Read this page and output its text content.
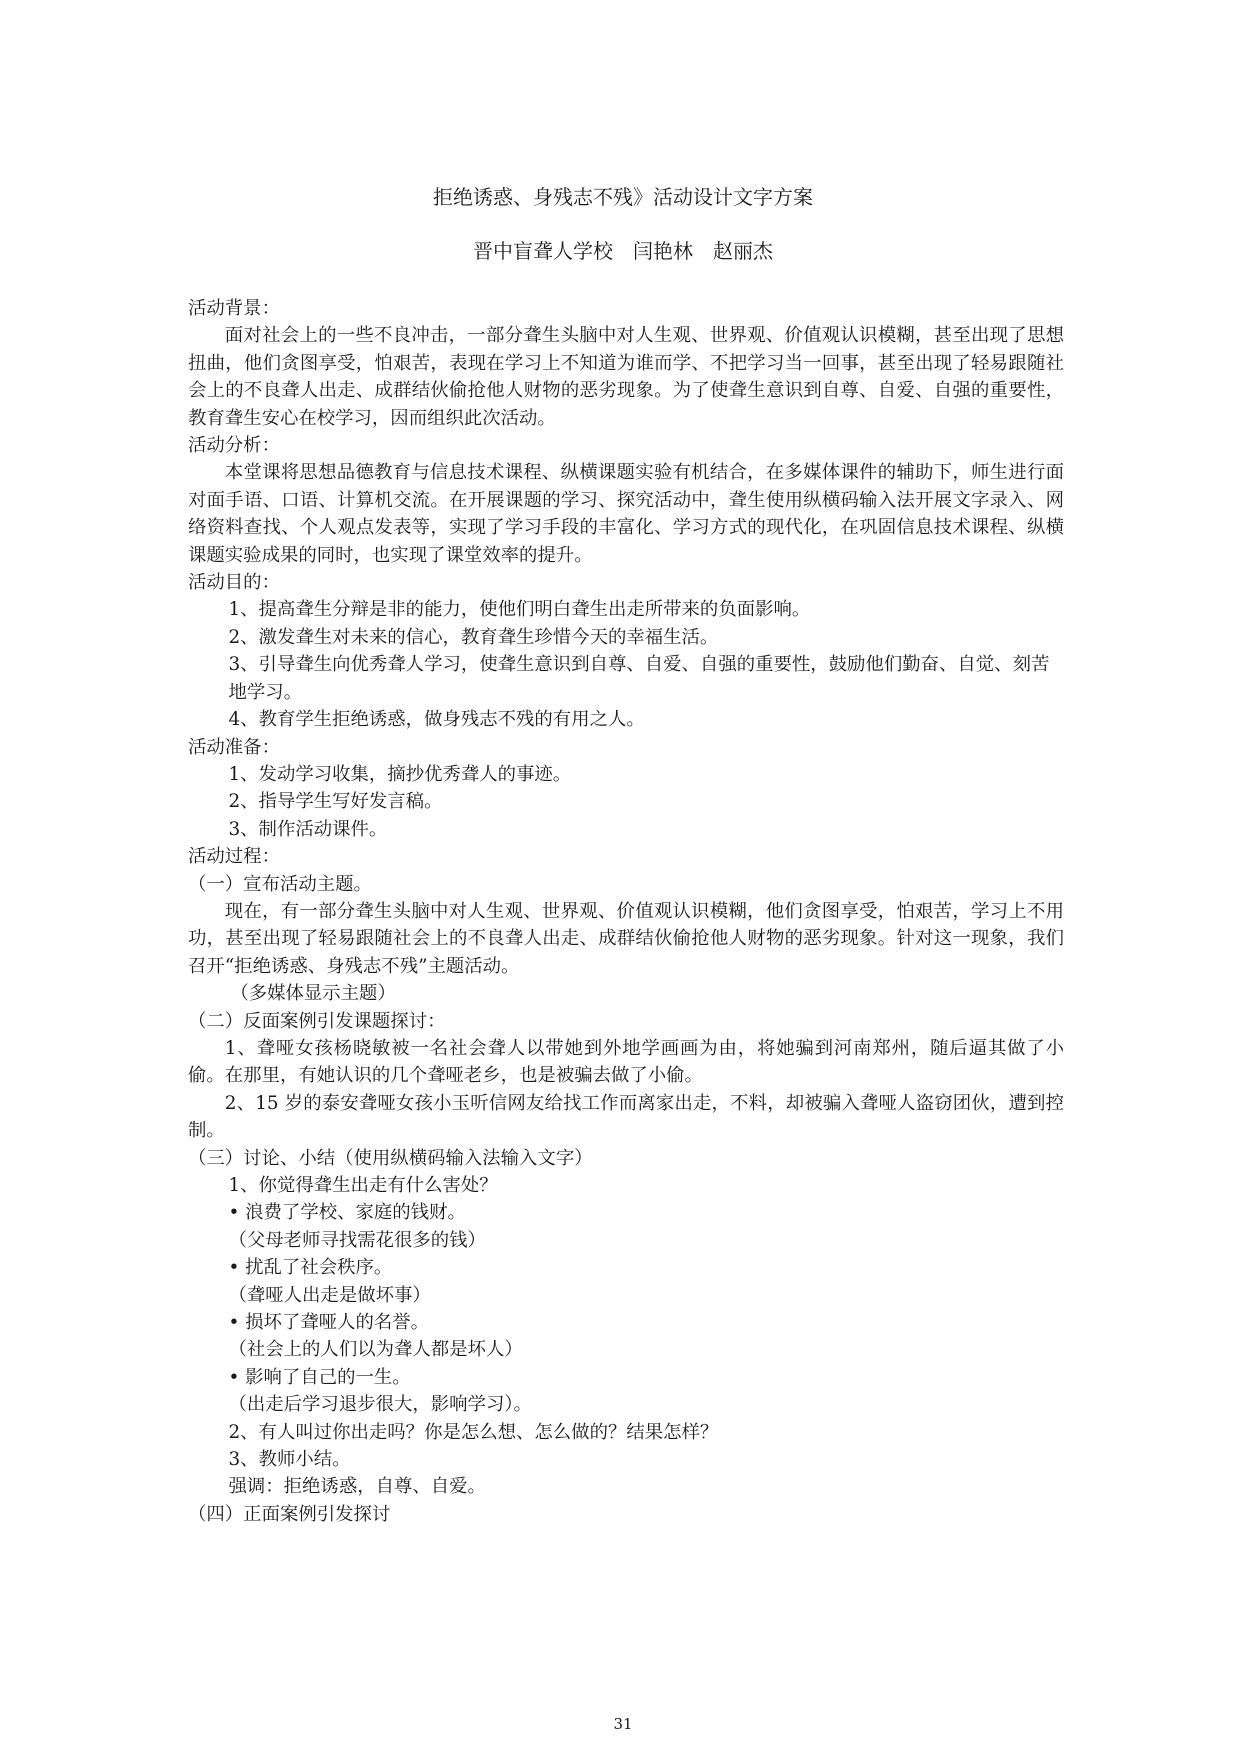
拒绝诱惑、身残志不残》活动设计文字方案
晋中盲聋人学校　闫艳林　赵丽杰

活动背景：

面对社会上的一些不良冲击，一部分聋生头脑中对人生观、世界观、价值观认识模糊，甚至出现了思想扭曲，他们贪图享受，怕艰苦，表现在学习上不知道为谁而学、不把学习当一回事，甚至出现了轻易跟随社会上的不良聋人出走、成群结伙偷抢他人财物的恶劣现象。为了使聋生意识到自尊、自爱、自强的重要性，教育聋生安心在校学习，因而组织此次活动。

活动分析：

本堂课将思想品德教育与信息技术课程、纵横课题实验有机结合，在多媒体课件的辅助下，师生进行面对面手语、口语、计算机交流。在开展课题的学习、探究活动中，聋生使用纵横码输入法开展文字录入、网络资料查找、个人观点发表等，实现了学习手段的丰富化、学习方式的现代化，在巩固信息技术课程、纵横课题实验成果的同时，也实现了课堂效率的提升。

活动目的：

1、提高聋生分辩是非的能力，使他们明白聋生出走所带来的负面影响。

2、激发聋生对未来的信心，教育聋生珍惜今天的幸福生活。

3、引导聋生向优秀聋人学习，使聋生意识到自尊、自爱、自强的重要性，鼓励他们勤奋、自觉、刻苦地学习。

4、教育学生拒绝诱惑，做身残志不残的有用之人。

活动准备：

1、发动学习收集，摘抄优秀聋人的事迹。

2、指导学生写好发言稿。

3、制作活动课件。

活动过程：

（一）宣布活动主题。

现在，有一部分聋生头脑中对人生观、世界观、价值观认识模糊，他们贪图享受，怕艰苦，学习上不用功，甚至出现了轻易跟随社会上的不良聋人出走、成群结伙偷抢他人财物的恶劣现象。针对这一现象，我们召开“拒绝诱惑、身残志不残”主题活动。

（多媒体显示主题）

（二）反面案例引发课题探讨：

1、聋哑女孩杨晓敏被一名社会聋人以带她到外地学画画为由，将她骗到河南郑州，随后逼其做了小偷。在那里，有她认识的几个聋哑老乡，也是被骗去做了小偷。

2、15 岁的泰安聋哑女孩小玉听信网友给找工作而离家出走，不料，却被骗入聋哑人盗窃团伙，遭到控制。

（三）讨论、小结（使用纵横码输入法输入文字）

1、你觉得聋生出走有什么害处？

• 浪费了学校、家庭的钱财。

（父母老师寻找需花很多的钱）

• 扰乱了社会秩序。

（聋哑人出走是做坏事）

• 损坏了聋哑人的名誉。

（社会上的人们以为聋人都是坏人）

• 影响了自己的一生。

（出走后学习退步很大，影响学习）。

2、有人叫过你出走吗？你是怎么想、怎么做的？结果怎样？

3、教师小结。

强调：拒绝诱惑，自尊、自爱。

（四）正面案例引发探讨

31
